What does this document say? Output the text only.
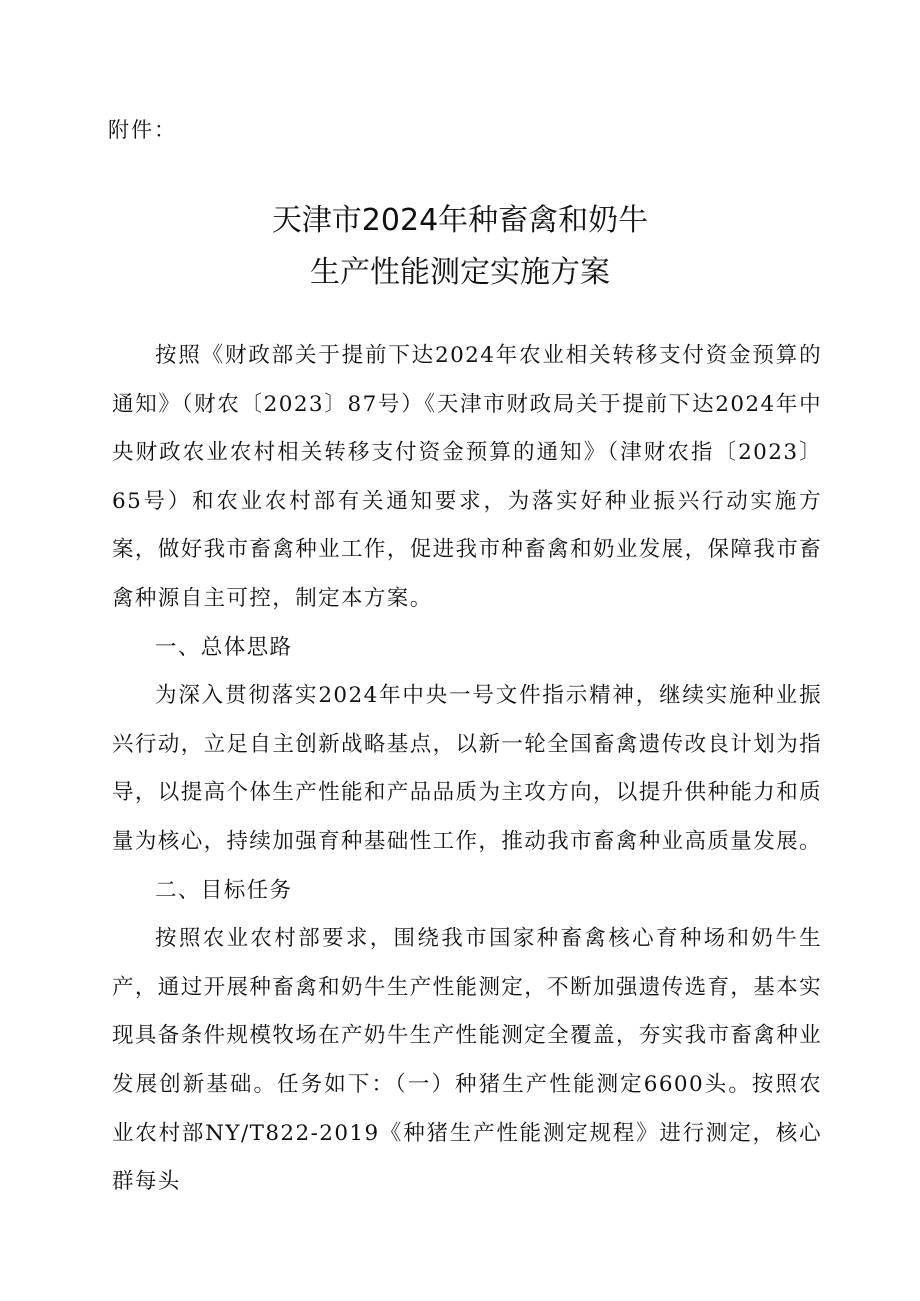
附件：

天津市2024年种畜禽和奶牛
生产性能测定实施方案

按照《财政部关于提前下达2024年农业相关转移支付资金预算的通知》（财农〔2023〕87号）《天津市财政局关于提前下达2024年中央财政农业农村相关转移支付资金预算的通知》（津财农指〔2023〕65号）和农业农村部有关通知要求，为落实好种业振兴行动实施方案，做好我市畜禽种业工作，促进我市种畜禽和奶业发展，保障我市畜禽种源自主可控，制定本方案。

一、总体思路

为深入贯彻落实2024年中央一号文件指示精神，继续实施种业振兴行动，立足自主创新战略基点，以新一轮全国畜禽遗传改良计划为指导，以提高个体生产性能和产品品质为主攻方向，以提升供种能力和质量为核心，持续加强育种基础性工作，推动我市畜禽种业高质量发展。

二、目标任务

按照农业农村部要求，围绕我市国家种畜禽核心育种场和奶牛生产，通过开展种畜禽和奶牛生产性能测定，不断加强遗传选育，基本实现具备条件规模牧场在产奶牛生产性能测定全覆盖，夯实我市畜禽种业发展创新基础。任务如下：（一）种猪生产性能测定6600头。按照农业农村部NY/T822-2019《种猪生产性能测定规程》进行测定，核心群每头
